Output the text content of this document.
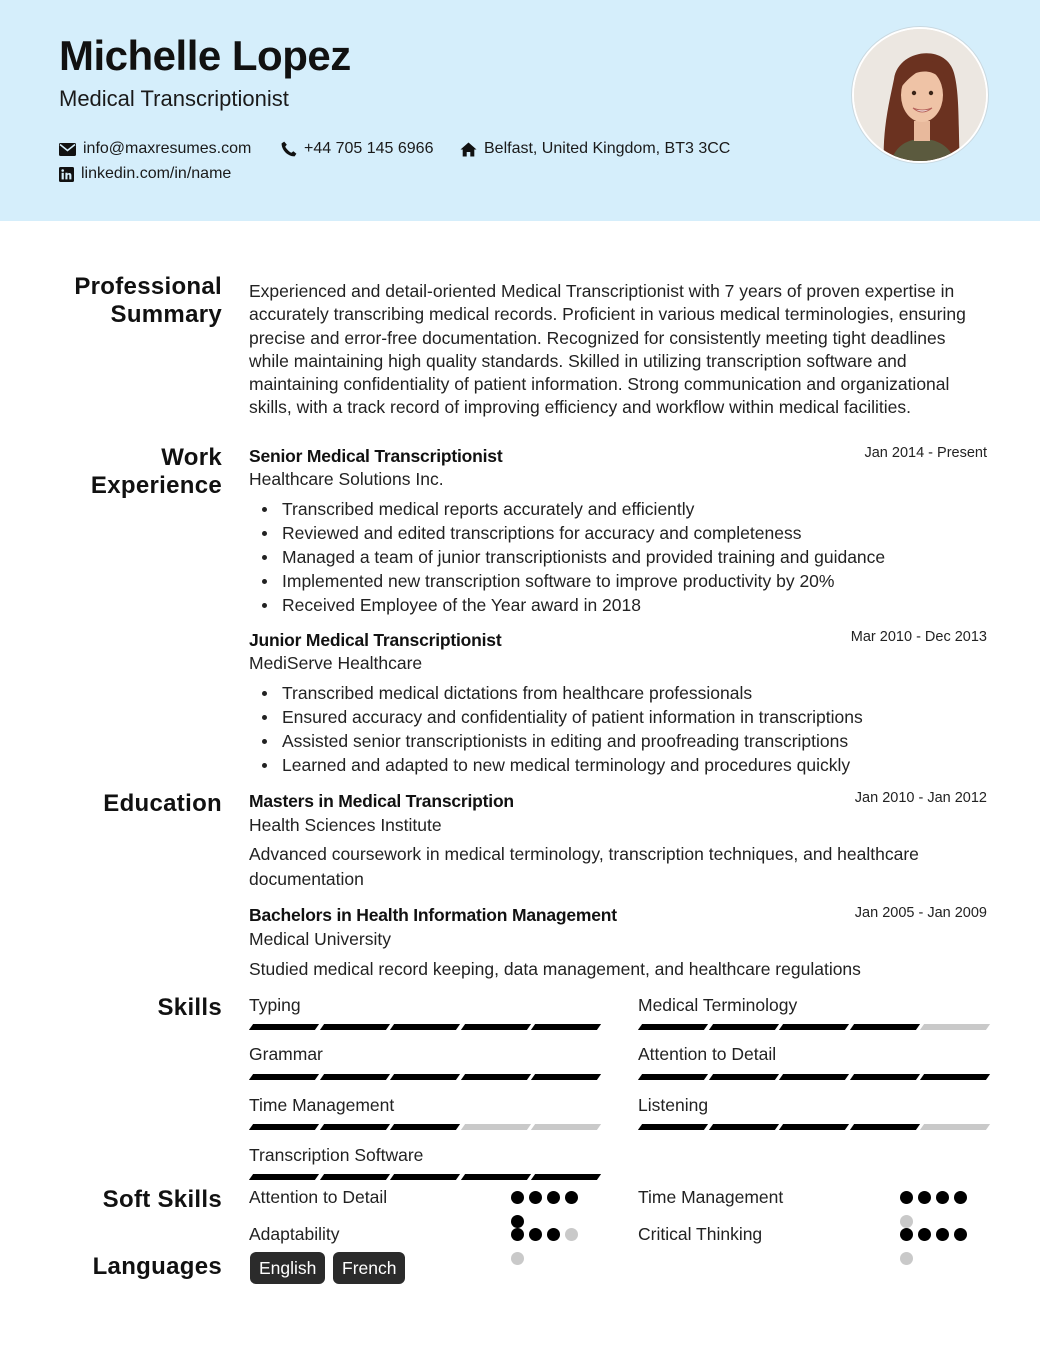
Michelle Lopez
Medical Transcriptionist
info@maxresumes.com	+44 705 145 6966	Belfast, United Kingdom, BT3 3CC
linkedin.com/in/name
Professional
Summary
Experienced and detail-oriented Medical Transcriptionist with 7 years of proven expertise in accurately transcribing medical records. Proficient in various medical terminologies, ensuring precise and error-free documentation. Recognized for consistently meeting tight deadlines while maintaining high quality standards. Skilled in utilizing transcription software and maintaining confidentiality of patient information. Strong communication and organizational skills, with a track record of improving efficiency and workflow within medical facilities.
Work
Experience
Senior Medical Transcriptionist	Jan 2014 - Present
Healthcare Solutions Inc.
Transcribed medical reports accurately and efficiently
Reviewed and edited transcriptions for accuracy and completeness
Managed a team of junior transcriptionists and provided training and guidance
Implemented new transcription software to improve productivity by 20%
Received Employee of the Year award in 2018
Junior Medical Transcriptionist	Mar 2010 - Dec 2013
MediServe Healthcare
Transcribed medical dictations from healthcare professionals
Ensured accuracy and confidentiality of patient information in transcriptions
Assisted senior transcriptionists in editing and proofreading transcriptions
Learned and adapted to new medical terminology and procedures quickly
Education Masters in Medical Transcription	Jan 2010 - Jan 2012
Health Sciences Institute
Advanced coursework in medical terminology, transcription techniques, and healthcare documentation
Bachelors in Health Information Management	Jan 2005 - Jan 2009
Medical University
Studied medical record keeping, data management, and healthcare regulations
Skills Typing	Medical Terminology
Grammar	Attention to Detail
Time Management	Listening
Transcription Software
Soft Skills Attention to Detail	Time Management
Adaptability	Critical Thinking
Languages	English	French
